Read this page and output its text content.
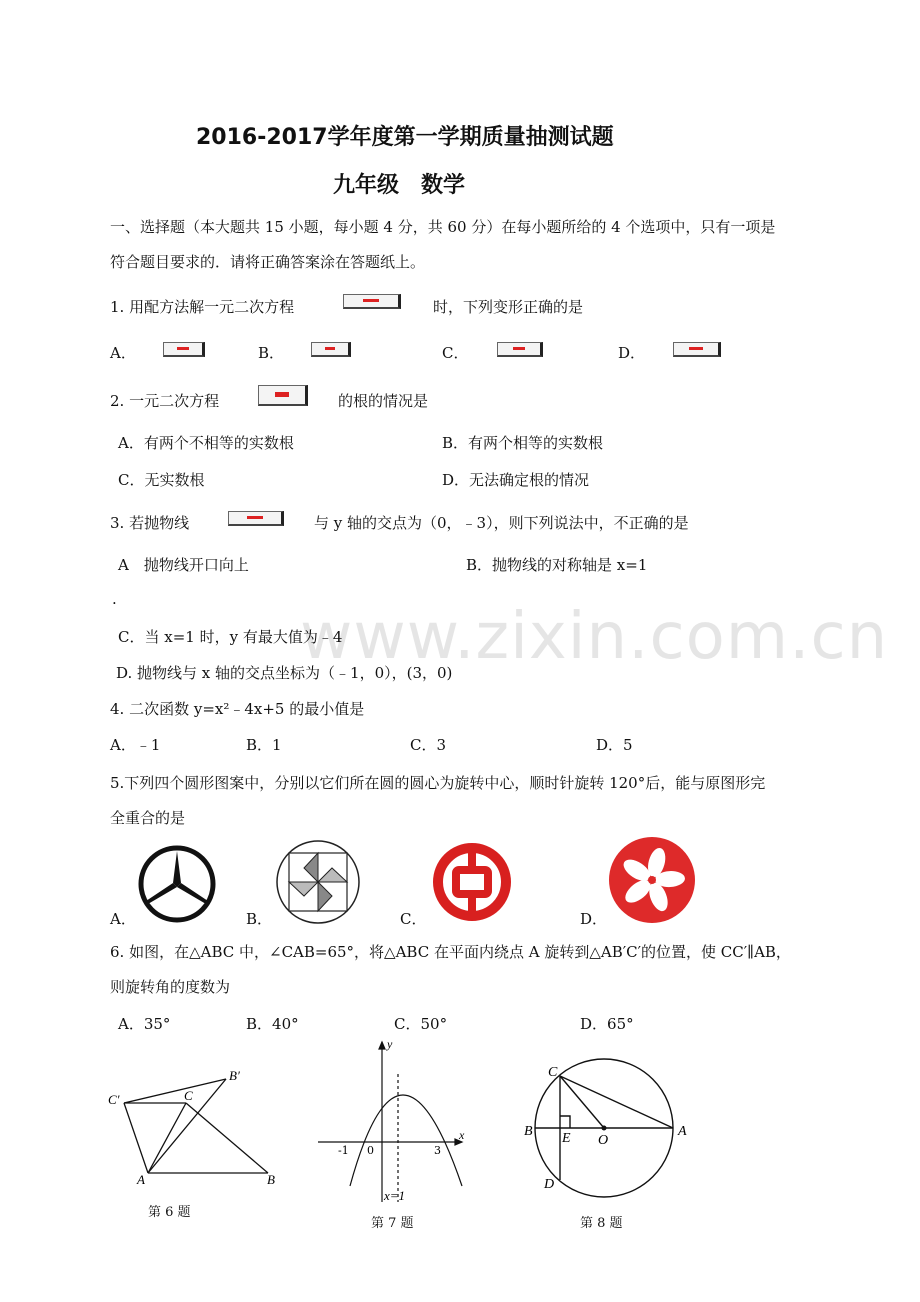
www.zixin.com.cn
2016-2017学年度第一学期质量抽测试题
九年级　数学
一、选择题（本大题共 15 小题，每小题 4 分，共 60 分）在每小题所给的 4 个选项中，只有一项是
符合题目要求的．请将正确答案涂在答题纸上。
1. 用配方法解一元二次方程	时，下列变形正确的是
A．	B．	C．	D．
2. 一元二次方程	的根的情况是
A．有两个不相等的实数根	B．有两个相等的实数根
C．无实数根	D．无法确定根的情况
3. 若抛物线	与 y 轴的交点为（0，﹣3），则下列说法中，不正确的是
A　抛物线开口向上	B．抛物线的对称轴是 x=1
.
C．当 x=1 时，y 有最大值为﹣4
D. 抛物线与 x 轴的交点坐标为（﹣1，0），(3，0)
4. 二次函数 y=x²﹣4x+5 的最小值是
A．﹣1	B．1	C．3	D．5
5.下列四个圆形图案中，分别以它们所在圆的圆心为旋转中心，顺时针旋转 120°后，能与原图形完
全重合的是
A．	B．	C．	D．
6. 如图，在△ABC 中，∠CAB=65°，将△ABC 在平面内绕点 A 旋转到△AB′C′的位置，使 CC′∥AB，
则旋转角的度数为
A．35°	B．40°	C．50°	D．65°
C′	C
B′
A	B
第 6 题
y
x
-1 0	3
x=1
第 7 题
C
B E O
A
D
第 8 题
